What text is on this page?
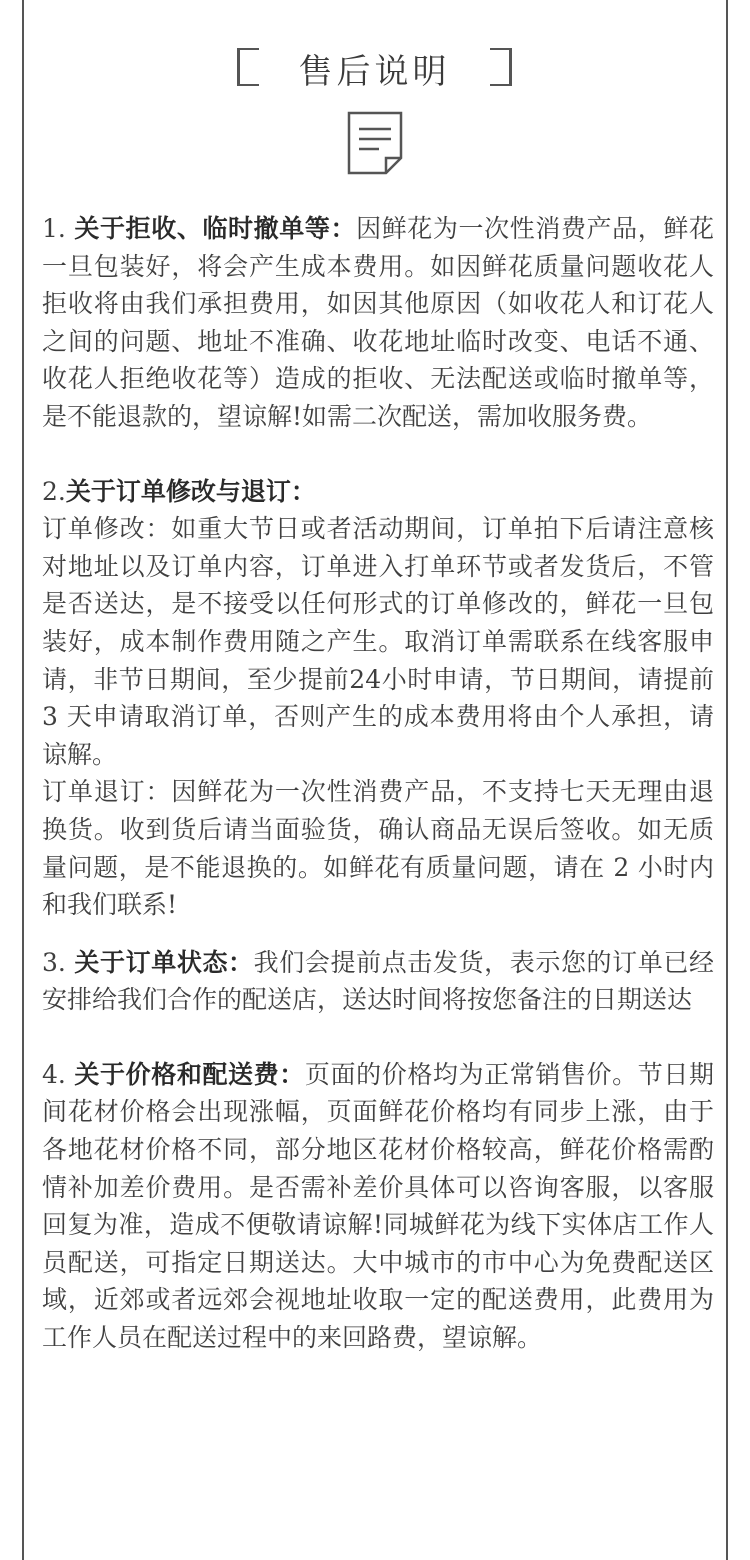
售后说明

1. 关于拒收、临时撤单等：因鲜花为一次性消费产品，鲜花一旦包装好，将会产生成本费用。如因鲜花质量问题收花人拒收将由我们承担费用，如因其他原因（如收花人和订花人之间的问题、地址不准确、收花地址临时改变、电话不通、收花人拒绝收花等）造成的拒收、无法配送或临时撤单等，是不能退款的，望谅解!如需二次配送，需加收服务费。

2.关于订单修改与退订：

订单修改：如重大节日或者活动期间，订单拍下后请注意核对地址以及订单内容，订单进入打单环节或者发货后，不管是否送达，是不接受以任何形式的订单修改的，鲜花一旦包装好，成本制作费用随之产生。取消订单需联系在线客服申请，非节日期间，至少提前24小时申请，节日期间，请提前 3 天申请取消订单，否则产生的成本费用将由个人承担，请谅解。

订单退订：因鲜花为一次性消费产品，不支持七天无理由退换货。收到货后请当面验货，确认商品无误后签收。如无质量问题，是不能退换的。如鲜花有质量问题，请在 2 小时内和我们联系!

3. 关于订单状态：我们会提前点击发货，表示您的订单已经安排给我们合作的配送店，送达时间将按您备注的日期送达

4. 关于价格和配送费：页面的价格均为正常销售价。节日期间花材价格会出现涨幅，页面鲜花价格均有同步上涨，由于各地花材价格不同，部分地区花材价格较高，鲜花价格需酌情补加差价费用。是否需补差价具体可以咨询客服，以客服回复为准，造成不便敬请谅解!同城鲜花为线下实体店工作人员配送，可指定日期送达。大中城市的市中心为免费配送区域，近郊或者远郊会视地址收取一定的配送费用，此费用为工作人员在配送过程中的来回路费，望谅解。
